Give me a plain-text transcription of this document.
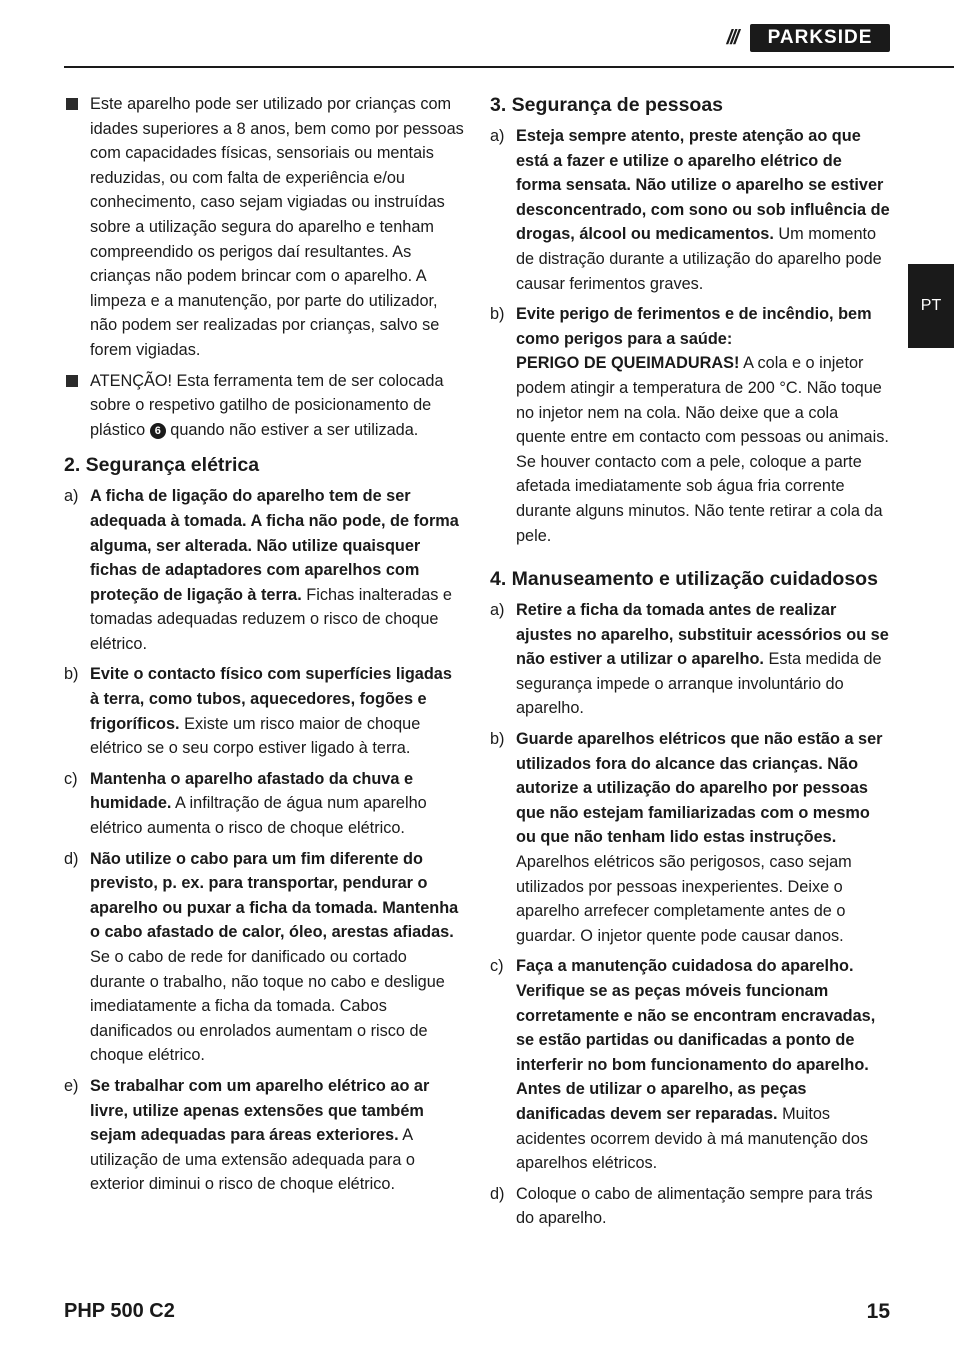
///	PARKSIDE
PT

Este aparelho pode ser utilizado por crianças com idades superiores a 8 anos, bem como por pessoas com capacidades físicas, sensoriais ou mentais reduzidas, ou com falta de experiência e/ou conhecimento, caso sejam vigiadas ou instruídas sobre a utilização segura do aparelho e tenham compreendido os perigos daí resultantes. As crianças não podem brincar com o aparelho. A limpeza e a manutenção, por parte do utilizador, não podem ser realizadas por crianças, salvo se forem vigiadas.

ATENÇÃO! Esta ferramenta tem de ser colocada sobre o respetivo gatilho de posicionamento de plástico 6 quando não estiver a ser utilizada.

2. Segurança elétrica
a) A ficha de ligação do aparelho tem de ser adequada à tomada. A ficha não pode, de forma alguma, ser alterada. Não utilize quaisquer fichas de adaptadores com aparelhos com proteção de ligação à terra. Fichas inalteradas e tomadas adequadas reduzem o risco de choque elétrico.

b) Evite o contacto físico com superfícies ligadas à terra, como tubos, aquecedores, fogões e frigoríficos. Existe um risco maior de choque elétrico se o seu corpo estiver ligado à terra.

c) Mantenha o aparelho afastado da chuva e humidade. A infiltração de água num aparelho elétrico aumenta o risco de choque elétrico.

d) Não utilize o cabo para um fim diferente do previsto, p. ex. para transportar, pendurar o aparelho ou puxar a ficha da tomada. Mantenha o cabo afastado de calor, óleo, arestas afiadas. Se o cabo de rede for danificado ou cortado durante o trabalho, não toque no cabo e desligue imediatamente a ficha da tomada. Cabos danificados ou enrolados aumentam o risco de choque elétrico.

e) Se trabalhar com um aparelho elétrico ao ar livre, utilize apenas extensões que também sejam adequadas para áreas exteriores. A utilização de uma extensão adequada para o exterior diminui o risco de choque elétrico.

3. Segurança de pessoas
a) Esteja sempre atento, preste atenção ao que está a fazer e utilize o aparelho elétrico de forma sensata. Não utilize o aparelho se estiver desconcentrado, com sono ou sob influência de drogas, álcool ou medicamentos. Um momento de distração durante a utilização do aparelho pode causar ferimentos graves.

b) Evite perigo de ferimentos e de incêndio, bem como perigos para a saúde:
PERIGO DE QUEIMADURAS! A cola e o injetor podem atingir a temperatura de 200 °C. Não toque no injetor nem na cola. Não deixe que a cola quente entre em contacto com pessoas ou animais. Se houver contacto com a pele, coloque a parte afetada imediatamente sob água fria corrente durante alguns minutos. Não tente retirar a cola da pele.

4. Manuseamento e utilização cuidadosos
a) Retire a ficha da tomada antes de realizar ajustes no aparelho, substituir acessórios ou se não estiver a utilizar o aparelho. Esta medida de segurança impede o arranque involuntário do aparelho.

b) Guarde aparelhos elétricos que não estão a ser utilizados fora do alcance das crianças. Não autorize a utilização do aparelho por pessoas que não estejam familiarizadas com o mesmo ou que não tenham lido estas instruções. Aparelhos elétricos são perigosos, caso sejam utilizados por pessoas inexperientes. Deixe o aparelho arrefecer completamente antes de o guardar. O injetor quente pode causar danos.

c) Faça a manutenção cuidadosa do aparelho. Verifique se as peças móveis funcionam corretamente e não se encontram encravadas, se estão partidas ou danificadas a ponto de interferir no bom funcionamento do aparelho. Antes de utilizar o aparelho, as peças danificadas devem ser reparadas. Muitos acidentes ocorrem devido à má manutenção dos aparelhos elétricos.

d) Coloque o cabo de alimentação sempre para trás do aparelho.

PHP 500 C2	15
